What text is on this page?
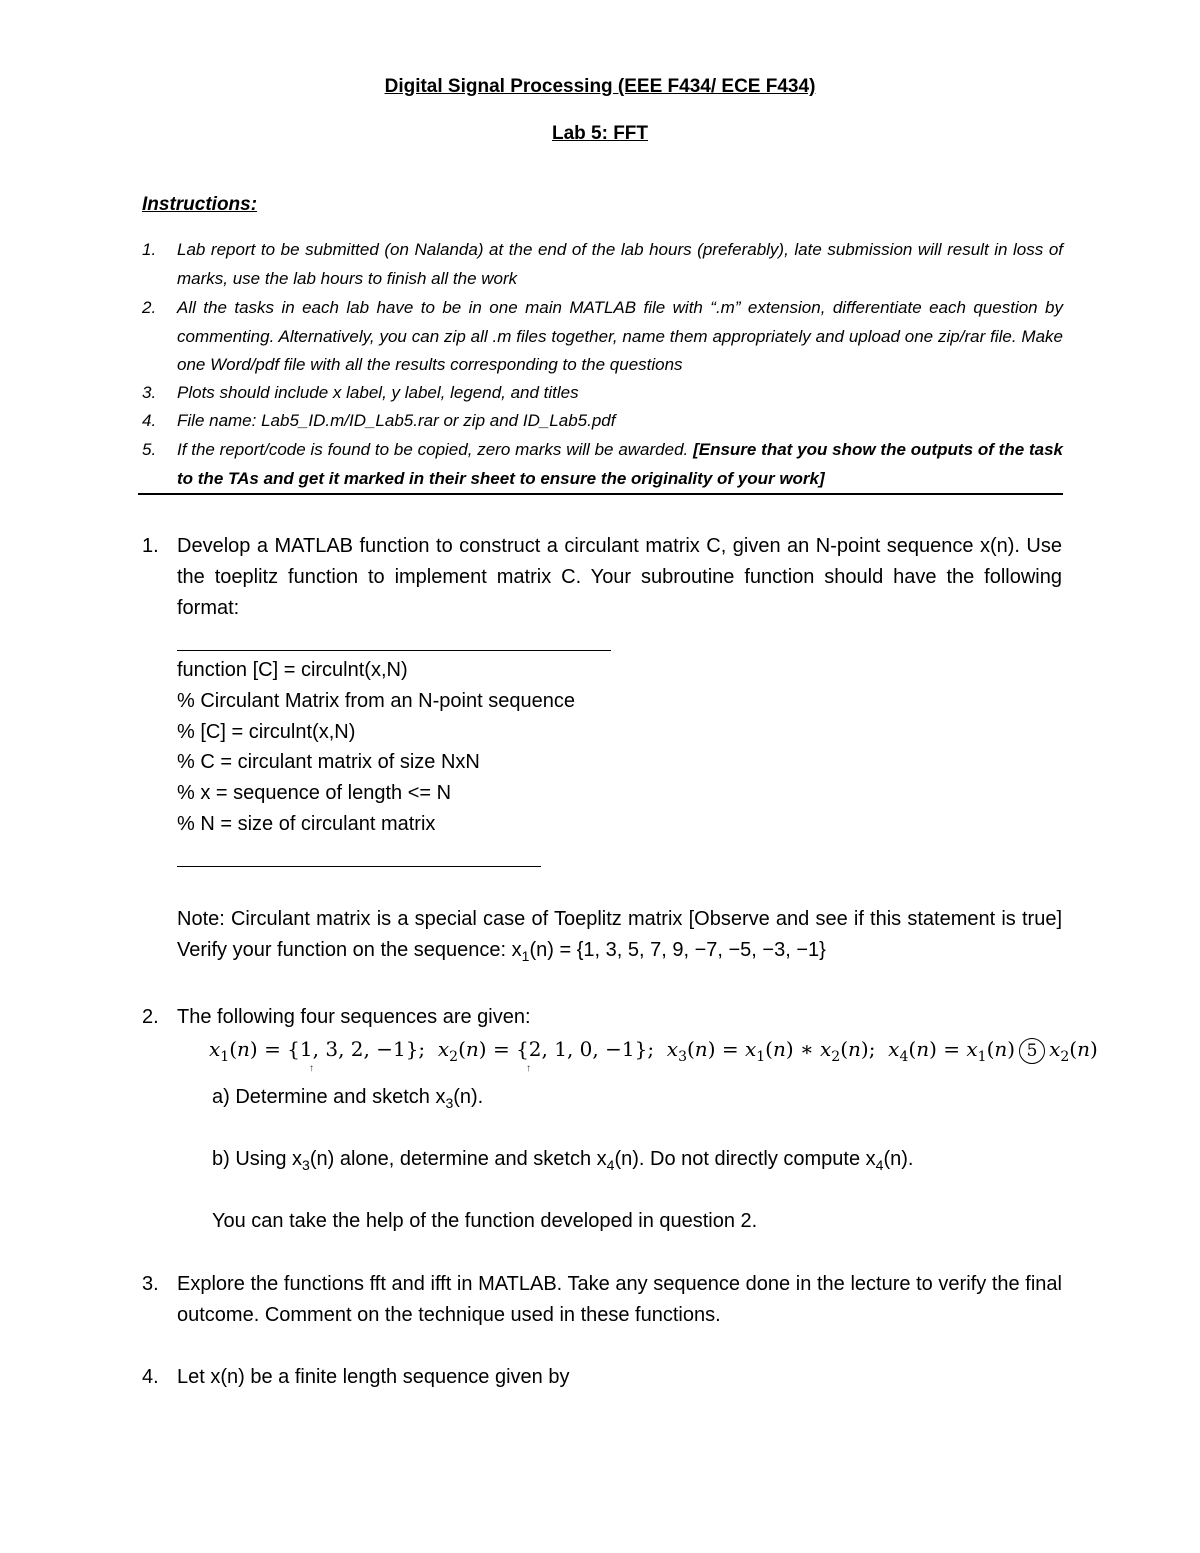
Digital Signal Processing (EEE F434/ ECE F434)
Lab 5: FFT
Instructions:
1. Lab report to be submitted (on Nalanda) at the end of the lab hours (preferably), late submission will result in loss of marks, use the lab hours to finish all the work
2. All the tasks in each lab have to be in one main MATLAB file with “.m” extension, differentiate each question by commenting. Alternatively, you can zip all .m files together, name them appropriately and upload one zip/rar file. Make one Word/pdf file with all the results corresponding to the questions
3. Plots should include x label, y label, legend, and titles
4. File name: Lab5_ID.m/ID_Lab5.rar or zip and ID_Lab5.pdf
5. If the report/code is found to be copied, zero marks will be awarded. [Ensure that you show the outputs of the task to the TAs and get it marked in their sheet to ensure the originality of your work]
1. Develop a MATLAB function to construct a circulant matrix C, given an N-point sequence x(n). Use the toeplitz function to implement matrix C. Your subroutine function should have the following format:
function [C] = circulnt(x,N)
% Circulant Matrix from an N-point sequence
% [C] = circulnt(x,N)
% C = circulant matrix of size NxN
% x = sequence of length <= N
% N = size of circulant matrix
Note: Circulant matrix is a special case of Toeplitz matrix [Observe and see if this statement is true] Verify your function on the sequence: $x_1(n) = \{1$, 3, 5, 7, 9, −7, −5, −3, −1}
2. The following four sequences are given:
$x_1(n) = \{1$, 3, 2, −1};  $x_2(n) = \{2$, 1, 0, −1};  $x_3(n) = x_1(n)$ ∗ $x_2(n)$;  $x_4(n) = x_1(n)$ 5 $x_2(n)$
↑	↑
a) Determine and sketch $x_3(n)$.
b) Using $x_3(n)$ alone, determine and sketch $x_4(n)$. Do not directly compute $x_4(n)$.
You can take the help of the function developed in question 2.
3. Explore the functions fft and ifft in MATLAB. Take any sequence done in the lecture to verify the final outcome. Comment on the technique used in these functions.
4. Let x(n) be a finite length sequence given by
